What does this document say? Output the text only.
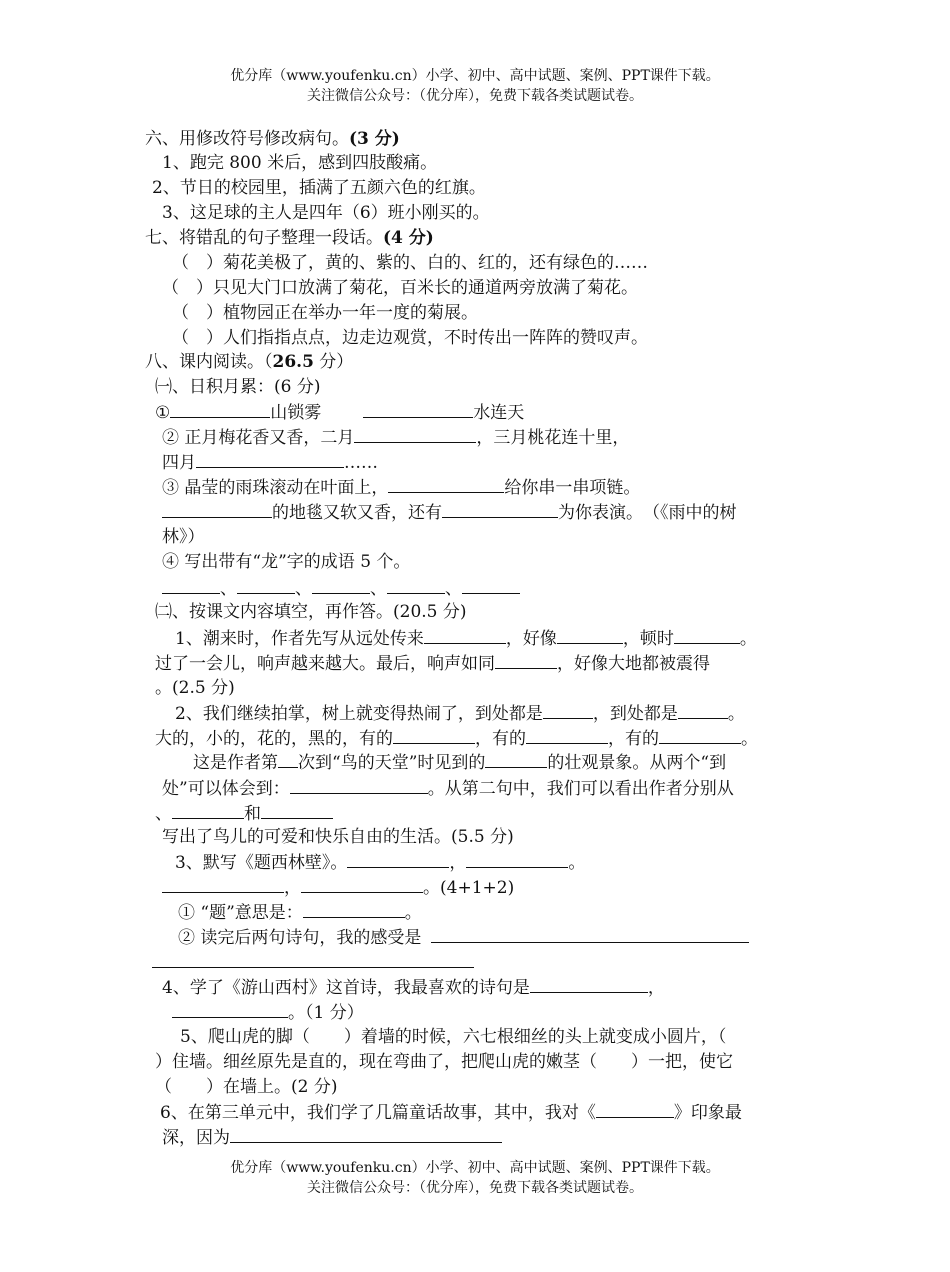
优分库（www.youfenku.cn）小学、初中、高中试题、案例、PPT课件下载。
关注微信公众号：（优分库），免费下载各类试题试卷。
六、用修改符号修改病句。(3 分)
1、跑完 800 米后，感到四肢酸痛。
2、节日的校园里，插满了五颜六色的红旗。
3、这足球的主人是四年（6）班小刚买的。
七、将错乱的句子整理一段话。(4 分)
（　）菊花美极了，黄的、紫的、白的、红的，还有绿色的……
（　）只见大门口放满了菊花，百米长的通道两旁放满了菊花。
（　）植物园正在举办一年一度的菊展。
（　）人们指指点点，边走边观赏，不时传出一阵阵的赞叹声。
八、课内阅读。（26.5 分）
㈠、日积月累：(6 分)
①	山锁雾	水连天
② 正月梅花香又香，二月	，三月桃花连十里，
四月	……
③ 晶莹的雨珠滚动在叶面上，	给你串一串项链。
的地毯又软又香，还有	为你表演。　（《雨中的树
林》）
④ 写出带有“龙”字的成语 5 个。
、	、	、	、
㈡、按课文内容填空，再作答。(20.5 分)
1、潮来时，作者先写从远处传来	，好像	，顿时	。
过了一会儿，响声越来越大。最后，响声如同	，好像大地都被震得
。(2.5 分)
2、我们继续拍掌，树上就变得热闹了，到处都是	，到处都是	。
大的，小的，花的，黑的，有的	，有的	，有的	。
这是作者第 次到“鸟的天堂”时见到的	的壮观景象。从两个“到
处”可以体会到：	。从第二句中，我们可以看出作者分别从
、	和
写出了鸟儿的可爱和快乐自由的生活。(5.5 分)
3、默写《题西林壁》。	，	。
，	。(4+1+2)
① “题”意思是：	。
② 读完后两句诗句，我的感受是
4、学了《游山西村》这首诗，我最喜欢的诗句是	，
。（1 分）
5、爬山虎的脚（　　）着墙的时候，六七根细丝的头上就变成小圆片，（
）住墙。细丝原先是直的，现在弯曲了，把爬山虎的嫩茎（　　）一把，使它
（　　）在墙上。(2 分)
6、在第三单元中，我们学了几篇童话故事，其中，我对《	》印象最
深，因为
优分库（www.youfenku.cn）小学、初中、高中试题、案例、PPT课件下载。
关注微信公众号：（优分库），免费下载各类试题试卷。
